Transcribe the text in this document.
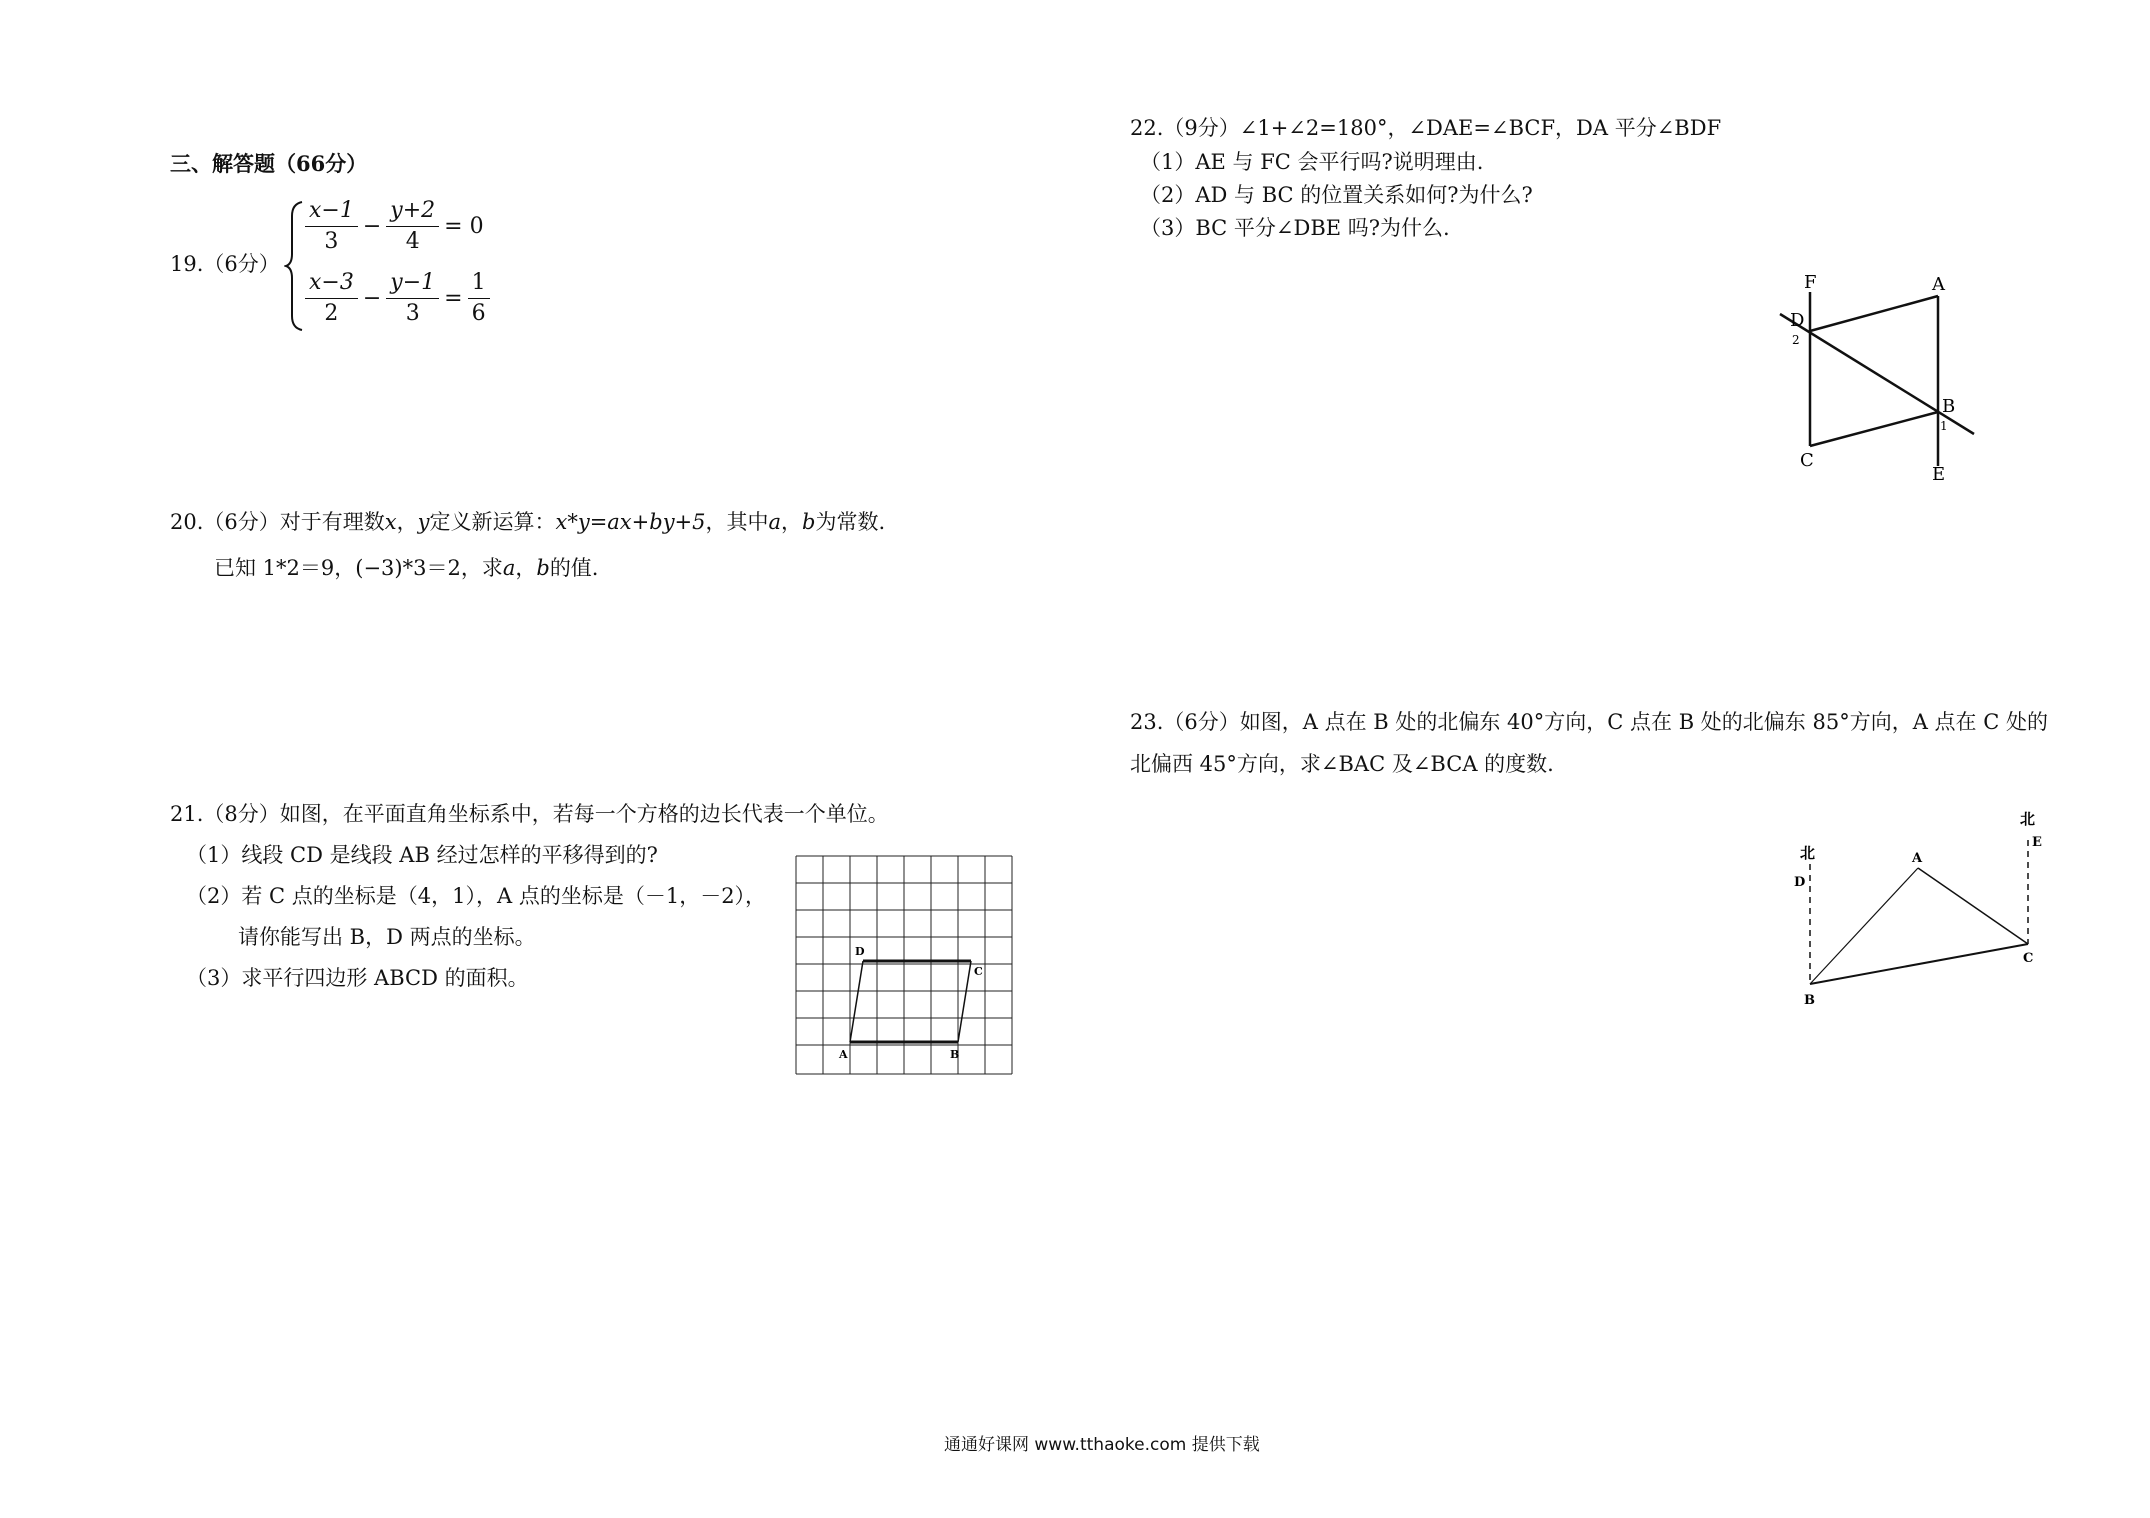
三、解答题（66分）
19.（6分）
$\frac{x-1}{3} - \frac{y+2}{4} = 0$
$\frac{x-3}{2} - \frac{y-1}{3} = \frac{1}{6}$
20.（6分）对于有理数x，y定义新运算：x*y=ax+by+5，其中a，b为常数.
已知 1*2＝9，(−3)*3＝2，求a，b的值.
21.（8分）如图，在平面直角坐标系中，若每一个方格的边长代表一个单位。
（1）线段 CD 是线段 AB 经过怎样的平移得到的?
（2）若 C 点的坐标是（4，1），A 点的坐标是（－1，－2），
请你能写出 B，D 两点的坐标。
（3）求平行四边形 ABCD 的面积。
A	B
C
D
22.（9分）∠1+∠2=180°，∠DAE=∠BCF，DA 平分∠BDF
（1）AE 与 FC 会平行吗?说明理由.
（2）AD 与 BC 的位置关系如何?为什么?
（3）BC 平分∠DBE 吗?为什么.
F	A
D
2
B
1
C
E
23.（6分）如图，A 点在 B 处的北偏东 40°方向，C 点在 B 处的北偏东 85°方向，A 点在 C 处的
北偏西 45°方向，求∠BAC 及∠BCA 的度数.
北
北
D
E
A
B
C
通通好课网 www.tthaoke.com 提供下载
